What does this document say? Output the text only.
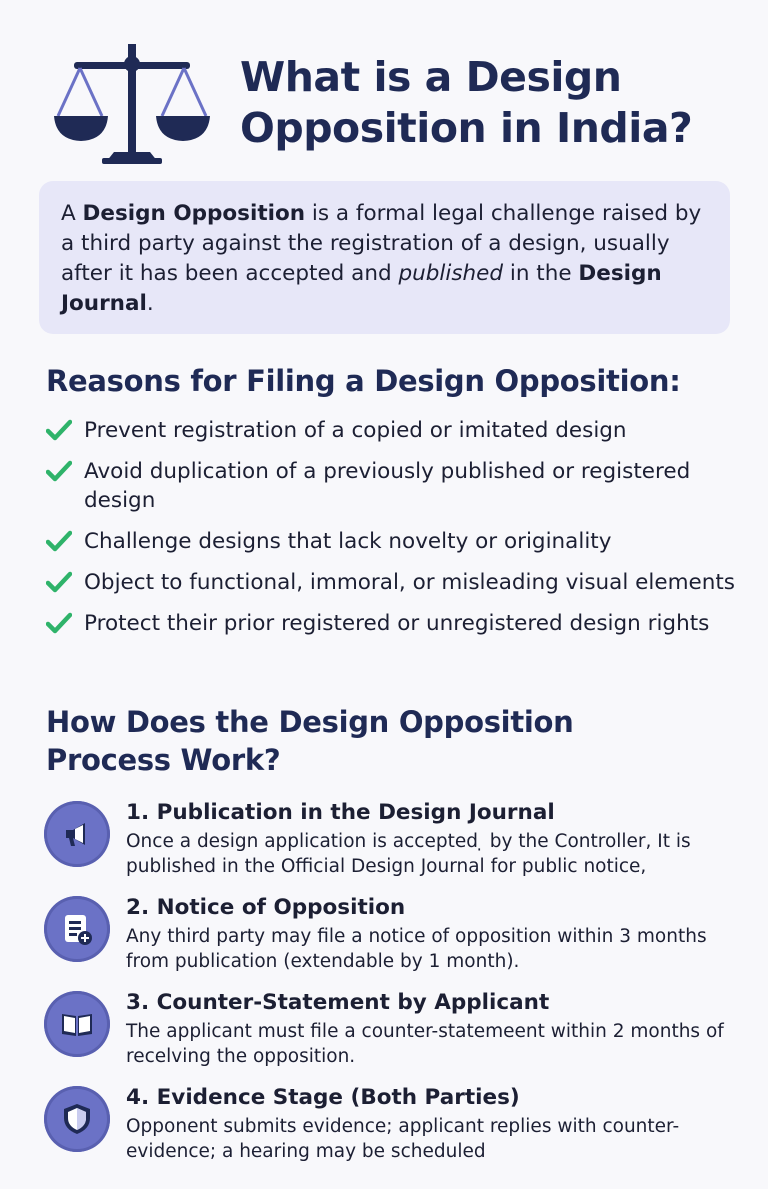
What is a Design Opposition in India?

A Design Opposition is a formal legal challenge raised by a third party against the registration of a design, usually after it has been accepted and published in the Design Journal.

Reasons for Filing a Design Opposition:
Prevent registration of a copied or imitated design
Avoid duplication of a previously published or registered design
Challenge designs that lack novelty or originality
Object to functional, immoral, or misleading visual elements
Protect their prior registered or unregistered design rights
How Does the Design Opposition
Process Work?
1. Publication in the Design Journal
Once a design application is accepted ̣ by the Controller, It is published in the Official Design Journal for public notice,
2. Notice of Opposition
Any third party may file a notice of opposition within 3 months from publication (extendable by 1 month).
3. Counter-Statement by Applicant
The applicant must file a counter-statemeent within 2 months of recelving the opposition.
4. Evidence Stage (Both Partieѕ)
Opponent submits evidence; applicant replies with counter-evidence; a hearing may be scheduled
